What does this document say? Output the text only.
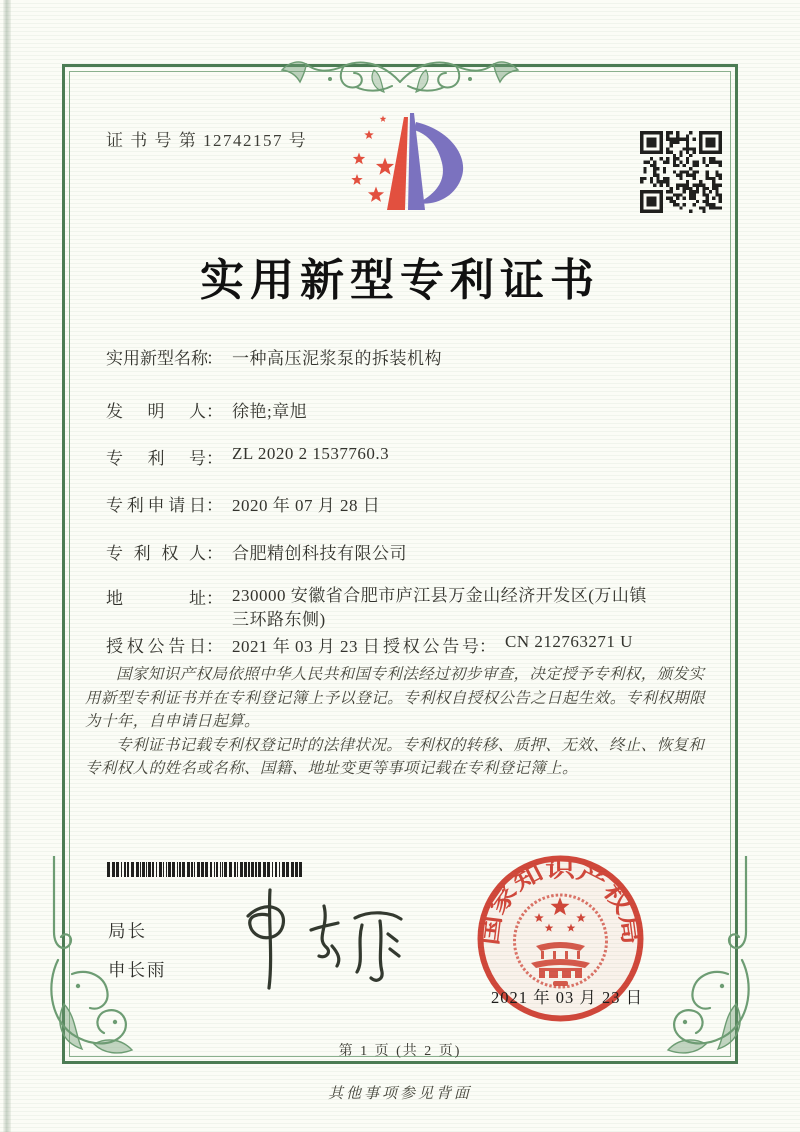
证 书 号 第 12742157 号
实用新型专利证书
实用新型名称： 一种高压泥浆泵的拆装机构
发明人： 徐艳;章旭
专利号： ZL 2020 2 1537760.3
专利申请日： 2020 年 07 月 28 日
专利权人： 合肥精创科技有限公司
地址： 230000 安徽省合肥市庐江县万金山经济开发区(万山镇三环路东侧)
授权公告日： 2021 年 03 月 23 日 授权公告号： CN 212763271 U

国家知识产权局依照中华人民共和国专利法经过初步审查，决定授予专利权，颁发实用新型专利证书并在专利登记簿上予以登记。专利权自授权公告之日起生效。专利权期限为十年，自申请日起算。

专利证书记载专利权登记时的法律状况。专利权的转移、质押、无效、终止、恢复和专利权人的姓名或名称、国籍、地址变更等事项记载在专利登记簿上。

局长
申长雨
国家知识产权局
2021 年 03 月 23 日
第 1 页 (共 2 页)
其他事项参见背面
